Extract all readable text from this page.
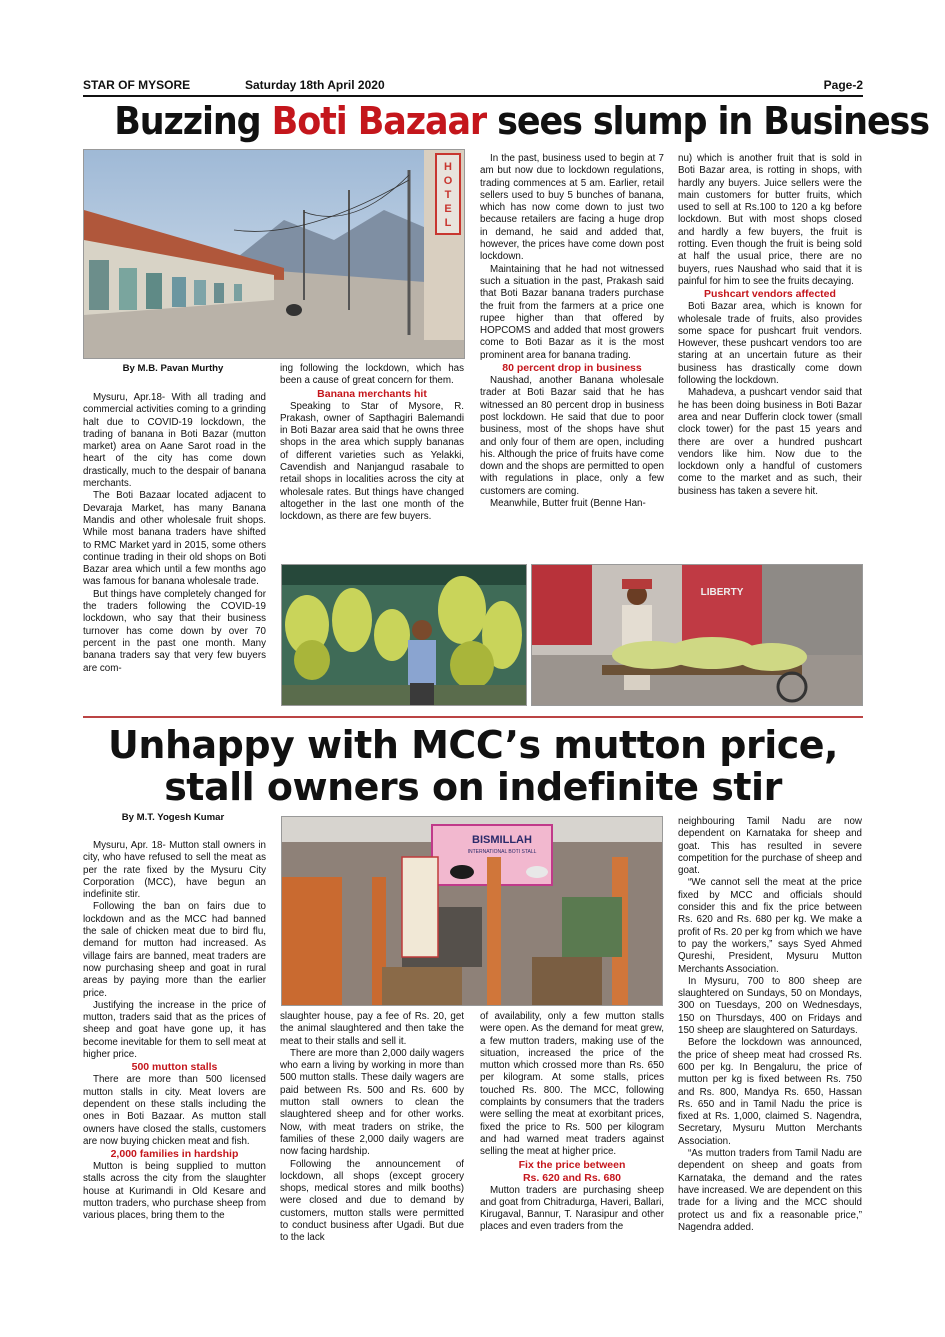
STAR OF MYSORE	Saturday 18th April 2020	Page-2
Buzzing Boti Bazaar sees slump in Business
H
O
T
E
L
By M.B. Pavan Murthy

Mysuru, Apr.18- With all trading and commercial activities coming to a grinding halt due to COVID-19 lockdown, the trading of banana in Boti Bazar (mutton market) area on Aane Sarot road in the heart of the city has come down drastically, much to the despair of banana merchants.

The Boti Bazaar located adjacent to Devaraja Market, has many Banana Mandis and other wholesale fruit shops. While most banana traders have shifted to RMC Market yard in 2015, some others continue trading in their old shops on Boti Bazar area which until a few months ago was famous for banana wholesale trade.

But things have completely changed for the traders following the COVID-19 lockdown, who say that their business turnover has come down by over 70 percent in the past one month. Many banana traders say that very few buyers are com-

ing following the lockdown, which has been a cause of great concern for them.

Banana merchants hit

Speaking to Star of Mysore, R. Prakash, owner of Sapthagiri Balemandi in Boti Bazar area said that he owns three shops in the area which supply bananas of different varieties such as Yelakki, Cavendish and Nanjangud rasabale to retail shops in localities across the city at wholesale rates. But things have changed altogether in the last one month of the lockdown, as there are few buyers.

In the past, business used to begin at 7 am but now due to lockdown regulations, trading commences at 5 am. Earlier, retail sellers used to buy 5 bunches of banana, which has now come down to just two because retailers are facing a huge drop in demand, he said and added that, however, the prices have come down post lockdown.

Maintaining that he had not witnessed such a situation in the past, Prakash said that Boti Bazar banana traders purchase the fruit from the farmers at a price one rupee higher than that offered by HOPCOMS and added that most growers come to Boti Bazar as it is the most prominent area for banana trading.

80 percent drop in business

Naushad, another Banana wholesale trader at Boti Bazar said that he has witnessed an 80 percent drop in business post lockdown. He said that due to poor business, most of the shops have shut and only four of them are open, including his. Although the price of fruits have come down and the shops are permitted to open with regulations in place, only a few customers are coming.

Meanwhile, Butter fruit (Benne Han-

nu) which is another fruit that is sold in Boti Bazar area, is rotting in shops, with hardly any buyers. Juice sellers were the main customers for butter fruits, which used to sell at Rs.100 to 120 a kg before lockdown. But with most shops closed and hardly a few buyers, the fruit is rotting. Even though the fruit is being sold at half the usual price, there are no buyers, rues Naushad who said that it is painful for him to see the fruits decaying.

Pushcart vendors affected

Boti Bazar area, which is known for wholesale trade of fruits, also provides some space for pushcart fruit vendors. However, these pushcart vendors too are staring at an uncertain future as their business has drastically come down following the lockdown.

Mahadeva, a pushcart vendor said that he has been doing business in Boti Bazar area and near Dufferin clock tower (small clock tower) for the past 15 years and there are over a hundred pushcart vendors like him. Now due to the lockdown only a handful of customers come to the market and as such, their business has taken a severe hit.

LIBERTY
Unhappy with MCC’s mutton price,
stall owners on indefinite stir
By M.T. Yogesh Kumar

Mysuru, Apr. 18- Mutton stall owners in city, who have refused to sell the meat as per the rate fixed by the Mysuru City Corporation (MCC), have begun an indefinite stir.

Following the ban on fairs due to lockdown and as the MCC had banned the sale of chicken meat due to bird flu, demand for mutton had increased. As village fairs are banned, meat traders are now purchasing sheep and goat in rural areas by paying more than the earlier price.

Justifying the increase in the price of mutton, traders said that as the prices of sheep and goat have gone up, it has become inevitable for them to sell meat at higher price.

500 mutton stalls

There are more than 500 licensed mutton stalls in city. Meat lovers are dependent on these stalls including the ones in Boti Bazaar. As mutton stall owners have closed the stalls, customers are now buying chicken meat and fish.

2,000 families in hardship

Mutton is being supplied to mutton stalls across the city from the slaughter house at Kurimandi in Old Kesare and mutton traders, who purchase sheep from various places, bring them to the

BISMILLAH
INTERNATIONAL BOTI STALL

slaughter house, pay a fee of Rs. 20, get the animal slaughtered and then take the meat to their stalls and sell it.

There are more than 2,000 daily wagers who earn a living by working in more than 500 mutton stalls. These daily wagers are paid between Rs. 500 and Rs. 600 by mutton stall owners to clean the slaughtered sheep and for other works. Now, with meat traders on strike, the families of these 2,000 daily wagers are now facing hardship.

Following the announcement of lockdown, all shops (except grocery shops, medical stores and milk booths) were closed and due to demand by customers, mutton stalls were permitted to conduct business after Ugadi. But due to the lack

of availability, only a few mutton stalls were open. As the demand for meat grew, a few mutton traders, making use of the situation, increased the price of the mutton which crossed more than Rs. 650 per kilogram. At some stalls, prices touched Rs. 800. The MCC, following complaints by consumers that the traders were selling the meat at exorbitant prices, fixed the price to Rs. 500 per kilogram and had warned meat traders against selling the meat at higher price.

Fix the price between

Rs. 620 and Rs. 680

Mutton traders are purchasing sheep and goat from Chitradurga, Haveri, Ballari, Kirugaval, Bannur, T. Narasipur and other places and even traders from the

neighbouring Tamil Nadu are now dependent on Karnataka for sheep and goat. This has resulted in severe competition for the purchase of sheep and goat.

“We cannot sell the meat at the price fixed by MCC and officials should consider this and fix the price between Rs. 620 and Rs. 680 per kg. We make a profit of Rs. 20 per kg from which we have to pay the workers,” says Syed Ahmed Qureshi, President, Mysuru Mutton Merchants Association.

In Mysuru, 700 to 800 sheep are slaughtered on Sundays, 50 on Mondays, 300 on Tuesdays, 200 on Wednesdays, 150 on Thursdays, 400 on Fridays and 150 sheep are slaughtered on Saturdays.

Before the lockdown was announced, the price of sheep meat had crossed Rs. 600 per kg. In Bengaluru, the price of mutton per kg is fixed between Rs. 750 and Rs. 800, Mandya Rs. 650, Hassan Rs. 650 and in Tamil Nadu the price is fixed at Rs. 1,000, claimed S. Nagendra, Secretary, Mysuru Mutton Merchants Association.

“As mutton traders from Tamil Nadu are dependent on sheep and goats from Karnataka, the demand and the rates have increased. We are dependent on this trade for a living and the MCC should protect us and fix a reasonable price,” Nagendra added.
